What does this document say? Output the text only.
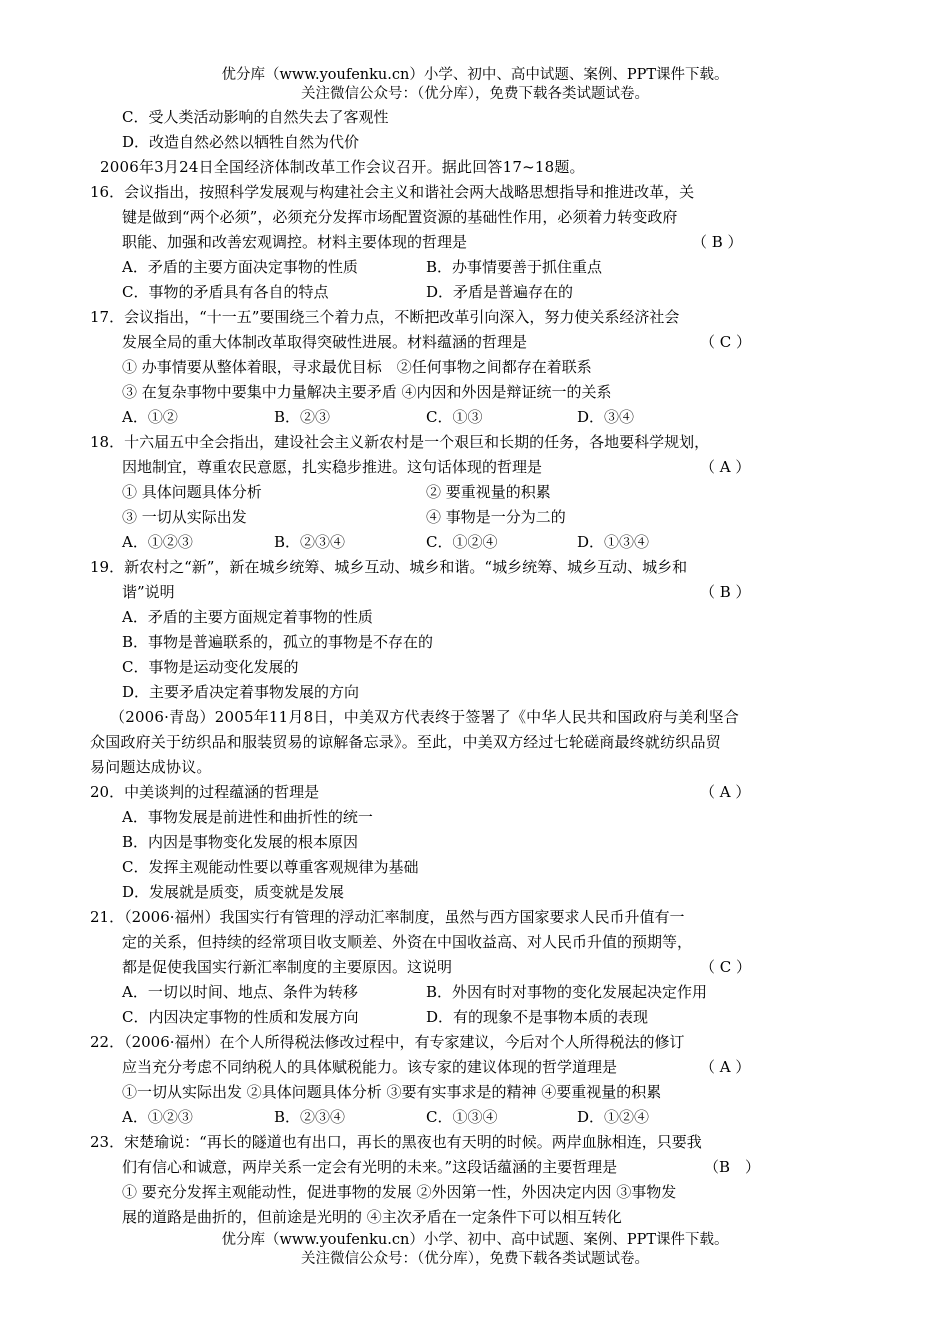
优分库（www.youfenku.cn）小学、初中、高中试题、案例、PPT课件下载。
关注微信公众号：（优分库），免费下载各类试题试卷。
C．受人类活动影响的自然失去了客观性
D．改造自然必然以牺牲自然为代价
2006年3月24日全国经济体制改革工作会议召开。据此回答17~18题。
16．会议指出，按照科学发展观与构建社会主义和谐社会两大战略思想指导和推进改革，关
键是做到“两个必须”，必须充分发挥市场配置资源的基础性作用，必须着力转变政府
职能、加强和改善宏观调控。材料主要体现的哲理是	（ B ）
A．矛盾的主要方面决定事物的性质	B．办事情要善于抓住重点
C．事物的矛盾具有各自的特点	D．矛盾是普遍存在的
17．会议指出，“十一五”要围绕三个着力点，不断把改革引向深入，努力使关系经济社会
发展全局的重大体制改革取得突破性进展。材料蕴涵的哲理是	（ C ）
① 办事情要从整体着眼，寻求最优目标　②任何事物之间都存在着联系
③ 在复杂事物中要集中力量解决主要矛盾 ④内因和外因是辩证统一的关系
A．①②	B．②③	C．①③	D．③④
18．十六届五中全会指出，建设社会主义新农村是一个艰巨和长期的任务，各地要科学规划，
因地制宜，尊重农民意愿，扎实稳步推进。这句话体现的哲理是	（ A ）
① 具体问题具体分析	② 要重视量的积累
③ 一切从实际出发	④ 事物是一分为二的
A．①②③	B．②③④	C．①②④	D．①③④
19．新农村之“新”，新在城乡统筹、城乡互动、城乡和谐。“城乡统筹、城乡互动、城乡和
谐”说明	（ B ）
A．矛盾的主要方面规定着事物的性质
B．事物是普遍联系的，孤立的事物是不存在的
C．事物是运动变化发展的
D．主要矛盾决定着事物发展的方向
（2006·青岛）2005年11月8日，中美双方代表终于签署了《中华人民共和国政府与美利坚合
众国政府关于纺织品和服装贸易的谅解备忘录》。至此，中美双方经过七轮磋商最终就纺织品贸
易问题达成协议。
20．中美谈判的过程蕴涵的哲理是	（ A ）
A．事物发展是前进性和曲折性的统一
B．内因是事物变化发展的根本原因
C．发挥主观能动性要以尊重客观规律为基础
D．发展就是质变，质变就是发展
21．（2006·福州）我国实行有管理的浮动汇率制度，虽然与西方国家要求人民币升值有一
定的关系，但持续的经常项目收支顺差、外资在中国收益高、对人民币升值的预期等，
都是促使我国实行新汇率制度的主要原因。这说明	（ C ）
A．一切以时间、地点、条件为转移	B．外因有时对事物的变化发展起决定作用
C．内因决定事物的性质和发展方向	D．有的现象不是事物本质的表现
22．（2006·福州）在个人所得税法修改过程中，有专家建议，今后对个人所得税法的修订
应当充分考虑不同纳税人的具体赋税能力。该专家的建议体现的哲学道理是	（ A ）
①一切从实际出发 ②具体问题具体分析 ③要有实事求是的精神 ④要重视量的积累
A．①②③	B．②③④	C．①③④	D．①②④
23．宋楚瑜说：“再长的隧道也有出口，再长的黑夜也有天明的时候。两岸血脉相连，只要我
们有信心和诚意，两岸关系一定会有光明的未来。”这段话蕴涵的主要哲理是	（B　）
① 要充分发挥主观能动性，促进事物的发展 ②外因第一性，外因决定内因 ③事物发
展的道路是曲折的，但前途是光明的 ④主次矛盾在一定条件下可以相互转化
优分库（www.youfenku.cn）小学、初中、高中试题、案例、PPT课件下载。
关注微信公众号：（优分库），免费下载各类试题试卷。
